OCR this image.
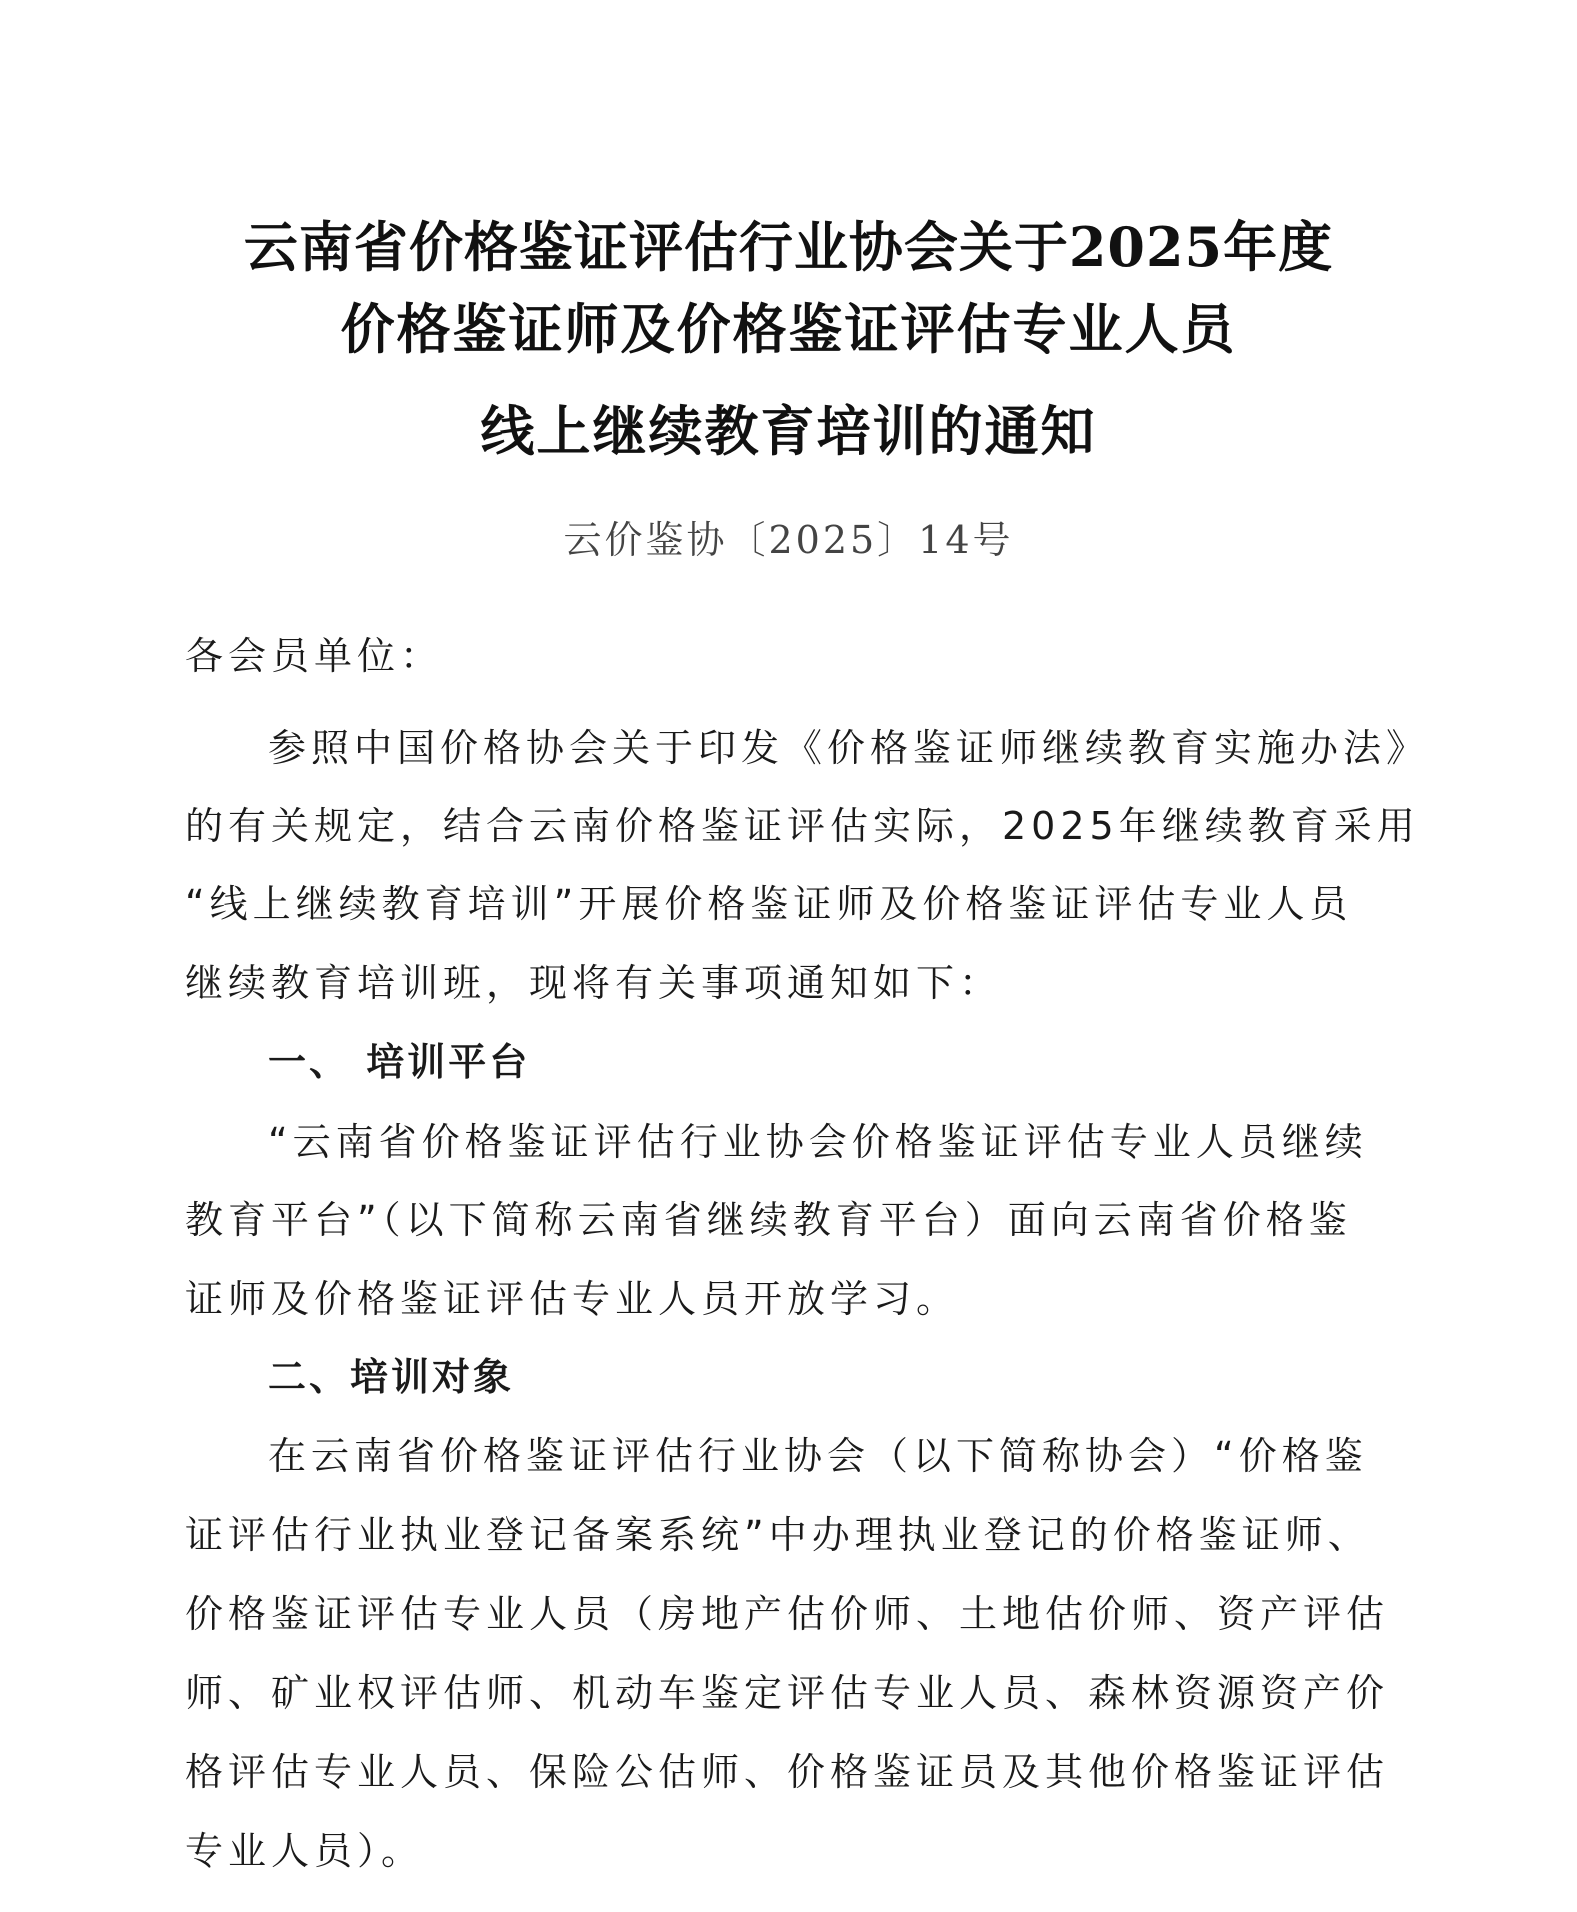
云南省价格鉴证评估行业协会关于2025年度
价格鉴证师及价格鉴证评估专业人员
线上继续教育培训的通知
云价鉴协〔2025〕14号
各会员单位：
参照中国价格协会关于印发《价格鉴证师继续教育实施办法》
的有关规定，结合云南价格鉴证评估实际，2025年继续教育采用
“线上继续教育培训”开展价格鉴证师及价格鉴证评估专业人员
继续教育培训班，现将有关事项通知如下：
一、 培训平台
“云南省价格鉴证评估行业协会价格鉴证评估专业人员继续
教育平台”（以下简称云南省继续教育平台）面向云南省价格鉴
证师及价格鉴证评估专业人员开放学习。
二、培训对象
在云南省价格鉴证评估行业协会（以下简称协会）“价格鉴
证评估行业执业登记备案系统”中办理执业登记的价格鉴证师、
价格鉴证评估专业人员（房地产估价师、土地估价师、资产评估
师、矿业权评估师、机动车鉴定评估专业人员、森林资源资产价
格评估专业人员、保险公估师、价格鉴证员及其他价格鉴证评估
专业人员）。
